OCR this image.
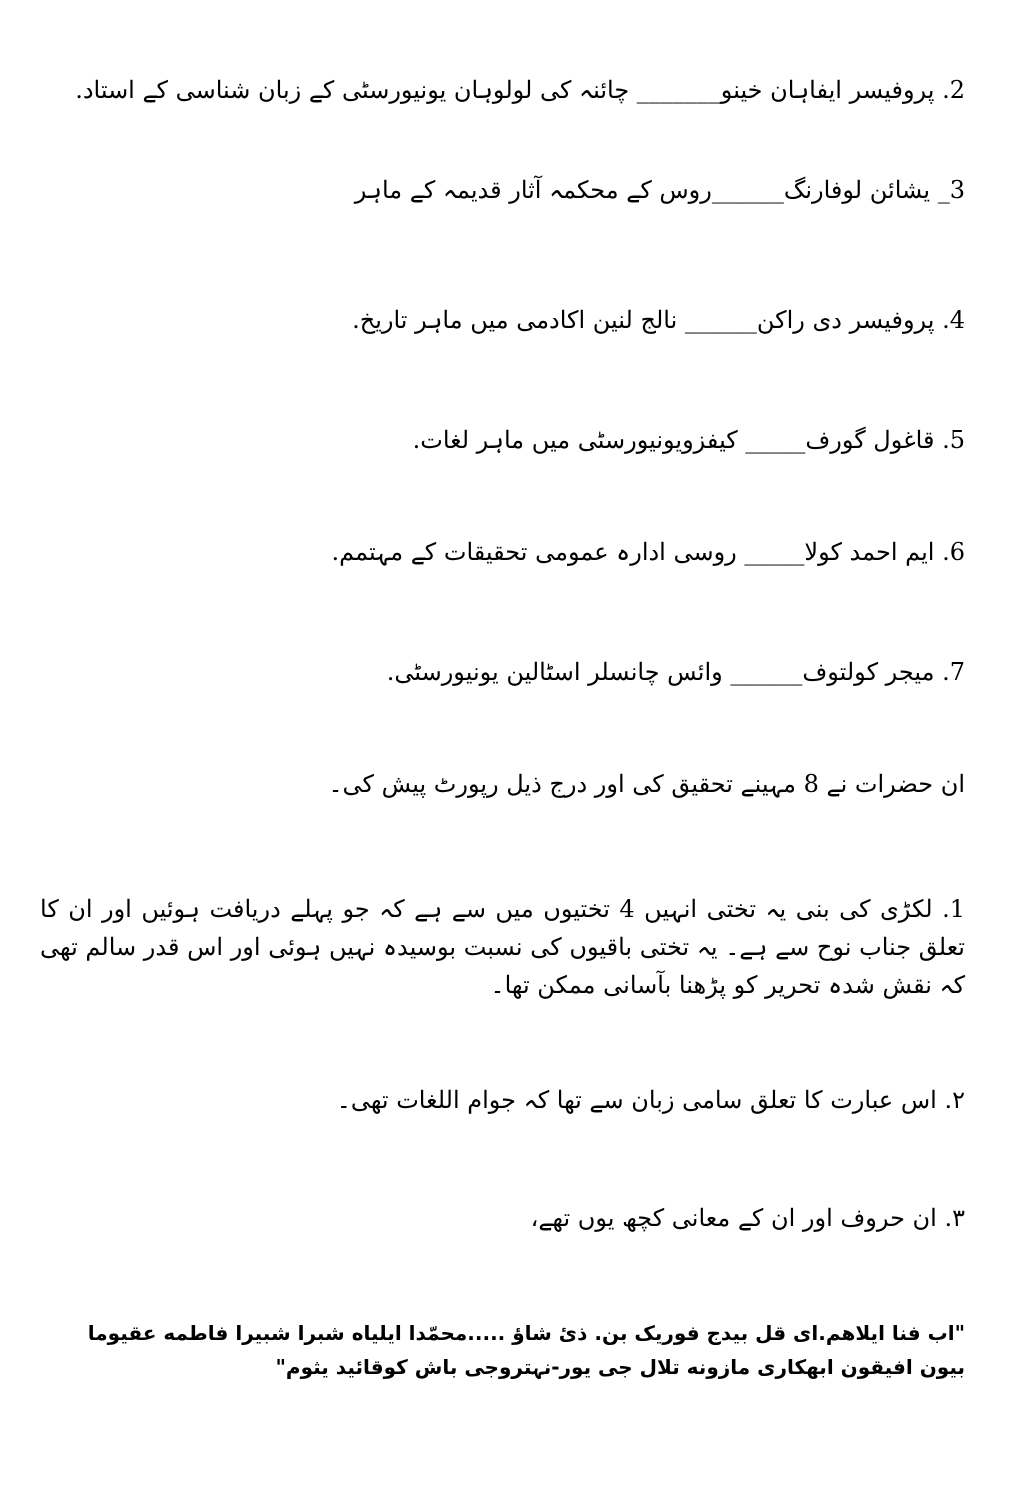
2. پروفیسر ایفاہان خینو_______ چائنہ کی لولوہان یونیورسٹی کے زبان شناسی کے استاد.
3_ یشائن لوفارنگ______روس کے محکمہ آثار قدیمہ کے ماہر
4. پروفیسر دی راکن______ نالج لنین اکادمی میں ماہر تاریخ.
5. قاغول گورف_____ کیفزویونیورسٹی میں ماہر لغات.
6. ایم احمد کولا_____ روسی ادارہ عمومی تحقیقات کے مہتمم.
7. میجر کولتوف______ وائس چانسلر اسٹالین یونیورسٹی.
ان حضرات نے 8 مہینے تحقیق کی اور درج ذیل رپورٹ پیش کی۔
1. لکڑی کی بنی یہ تختی انہیں 4 تختیوں میں سے ہے کہ جو پہلے دریافت ہوئیں اور ان کا تعلق جناب نوح سے ہے۔ یہ تختی باقیوں کی نسبت بوسیدہ نہیں ہوئی اور اس قدر سالم تھی کہ نقش شدہ تحریر کو پڑھنا بآسانی ممکن تھا۔
۲. اس عبارت کا تعلق سامی زبان سے تھا کہ جوام اللغات تھی۔
۳. ان حروف اور ان کے معانی کچھ یوں تھے،
"اب فنا ایلاهم.ای قل بیدج فوریک بن. ذئ شاؤ .....محمّدا ایلیاه شبرا شبیرا فاطمه عقیوما بیون افیقون ابهکاری مازونه تلال جی یور-نہتروجی باش کوقائید یثوم"
